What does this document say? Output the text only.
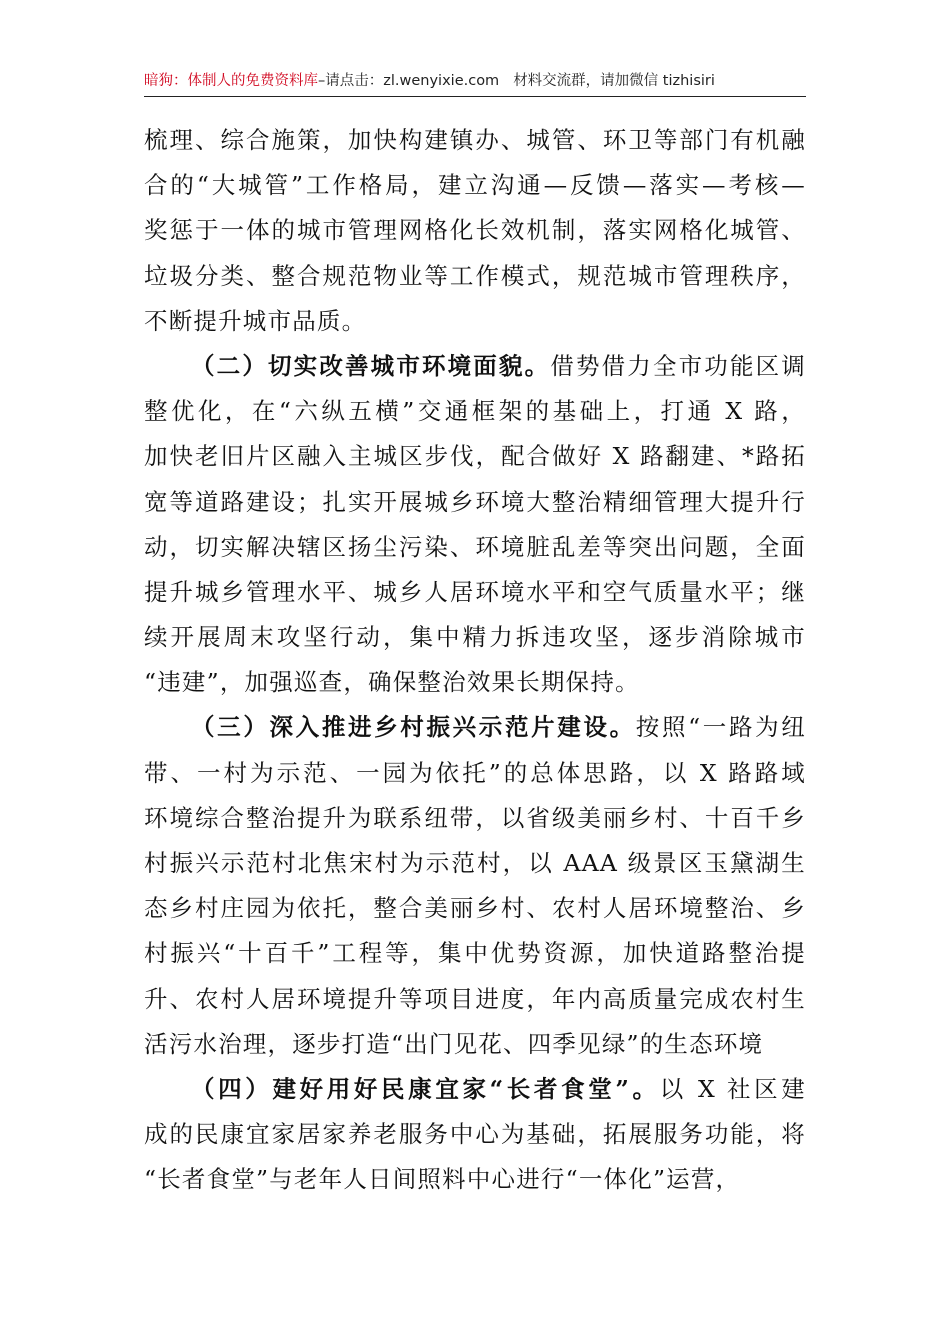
暗狗：体制人的免费资料库–请点击：zl.wenyixie.com 材料交流群，请加微信 tizhisiri
梳理、综合施策，加快构建镇办、城管、环卫等部门有机融
合的“大城管”工作格局，建立沟通—反馈—落实—考核—
奖惩于一体的城市管理网格化长效机制，落实网格化城管、
垃圾分类、整合规范物业等工作模式，规范城市管理秩序，
不断提升城市品质。
（二）切实改善城市环境面貌。借势借力全市功能区调
整优化，在“六纵五横”交通框架的基础上，打通 X 路，
加快老旧片区融入主城区步伐，配合做好 X 路翻建、*路拓
宽等道路建设；扎实开展城乡环境大整治精细管理大提升行
动，切实解决辖区扬尘污染、环境脏乱差等突出问题，全面
提升城乡管理水平、城乡人居环境水平和空气质量水平；继
续开展周末攻坚行动，集中精力拆违攻坚，逐步消除城市
“违建”，加强巡查，确保整治效果长期保持。
（三）深入推进乡村振兴示范片建设。按照“一路为纽
带、一村为示范、一园为依托”的总体思路，以 X 路路域
环境综合整治提升为联系纽带，以省级美丽乡村、十百千乡
村振兴示范村北焦宋村为示范村，以 AAA 级景区玉黛湖生
态乡村庄园为依托，整合美丽乡村、农村人居环境整治、乡
村振兴“十百千”工程等，集中优势资源，加快道路整治提
升、农村人居环境提升等项目进度，年内高质量完成农村生
活污水治理，逐步打造“出门见花、四季见绿”的生态环境
（四）建好用好民康宜家“长者食堂”。以 X 社区建
成的民康宜家居家养老服务中心为基础，拓展服务功能，将
“长者食堂”与老年人日间照料中心进行“一体化”运营，
